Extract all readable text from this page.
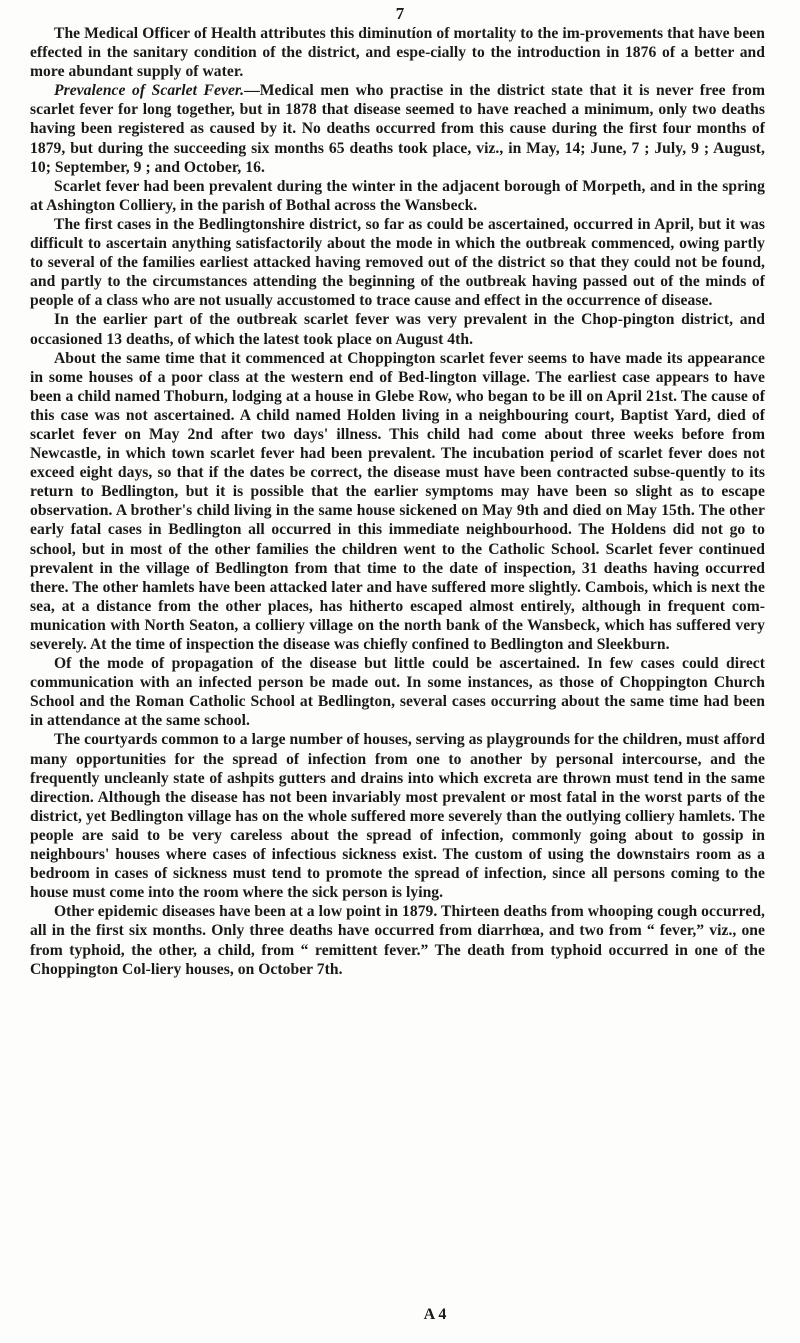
7

The Medical Officer of Health attributes this diminutíon of mortality to the im-provements that have been effected in the sanitary condition of the district, and espe-cially to the introduction in 1876 of a better and more abundant supply of water.

Prevalence of Scarlet Fever.—Medical men who practise in the district state that it is never free from scarlet fever for long together, but in 1878 that disease seemed to have reached a minimum, only two deaths having been registered as caused by it. No deaths occurred from this cause during the first four months of 1879, but during the succeeding six months 65 deaths took place, viz., in May, 14; June, 7 ; July, 9 ; August, 10; September, 9 ; and October, 16.

Scarlet fever had been prevalent during the winter in the adjacent borough of Morpeth, and in the spring at Ashington Colliery, in the parish of Bothal across the Wansbeck.

The first cases in the Bedlingtonshire district, so far as could be ascertained, occurred in April, but it was difficult to ascertain anything satisfactorily about the mode in which the outbreak commenced, owing partly to several of the families earliest attacked having removed out of the district so that they could not be found, and partly to the circumstances attending the beginning of the outbreak having passed out of the minds of people of a class who are not usually accustomed to trace cause and effect in the occurrence of disease.

In the earlier part of the outbreak scarlet fever was very prevalent in the Chop-pington district, and occasioned 13 deaths, of which the latest took place on August 4th.

About the same time that it commenced at Choppington scarlet fever seems to have made its appearance in some houses of a poor class at the western end of Bed-lington village. The earliest case appears to have been a child named Thoburn, lodging at a house in Glebe Row, who began to be ill on April 21st. The cause of this case was not ascertained. A child named Holden living in a neighbouring court, Baptist Yard, died of scarlet fever on May 2nd after two days' illness. This child had come about three weeks before from Newcastle, in which town scarlet fever had been prevalent. The incubation period of scarlet fever does not exceed eight days, so that if the dates be correct, the disease must have been contracted subse-quently to its return to Bedlington, but it is possible that the earlier symptoms may have been so slight as to escape observation. A brother's child living in the same house sickened on May 9th and died on May 15th. The other early fatal cases in Bedlington all occurred in this immediate neighbourhood. The Holdens did not go to school, but in most of the other families the children went to the Catholic School. Scarlet fever continued prevalent in the village of Bedlington from that time to the date of inspection, 31 deaths having occurred there. The other hamlets have been attacked later and have suffered more slightly. Cambois, which is next the sea, at a distance from the other places, has hitherto escaped almost entirely, although in frequent com-munication with North Seaton, a colliery village on the north bank of the Wansbeck, which has suffered very severely. At the time of inspection the disease was chiefly confined to Bedlington and Sleekburn.

Of the mode of propagation of the disease but little could be ascertained. In few cases could direct communication with an infected person be made out. In some instances, as those of Choppington Church School and the Roman Catholic School at Bedlington, several cases occurring about the same time had been in attendance at the same school.

The courtyards common to a large number of houses, serving as playgrounds for the children, must afford many opportunities for the spread of infection from one to another by personal intercourse, and the frequently uncleanly state of ashpits gutters and drains into which excreta are thrown must tend in the same direction. Although the disease has not been invariably most prevalent or most fatal in the worst parts of the district, yet Bedlington village has on the whole suffered more severely than the outlying colliery hamlets. The people are said to be very careless about the spread of infection, commonly going about to gossip in neighbours' houses where cases of infectious sickness exist. The custom of using the downstairs room as a bedroom in cases of sickness must tend to promote the spread of infection, since all persons coming to the house must come into the room where the sick person is lying.

Other epidemic diseases have been at a low point in 1879. Thirteen deaths from whooping cough occurred, all in the first six months. Only three deaths have occurred from diarrhœa, and two from “ fever,” viz., one from typhoid, the other, a child, from “ remittent fever.” The death from typhoid occurred in one of the Choppington Col-liery houses, on October 7th.

A 4
